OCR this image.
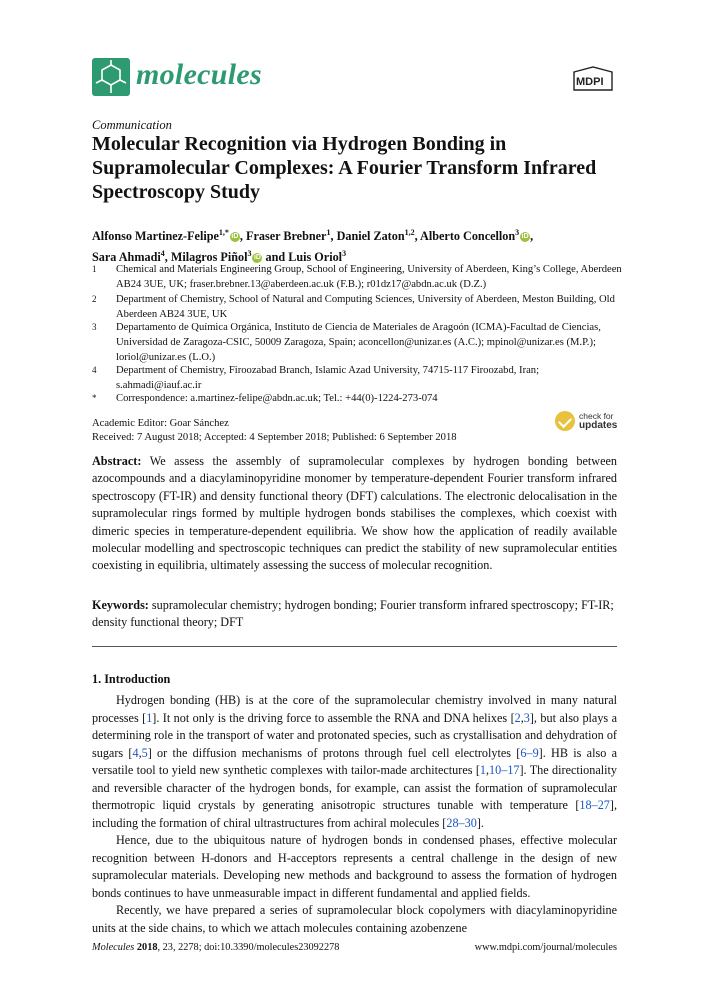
molecules	MDPI
Communication
Molecular Recognition via Hydrogen Bonding in Supramolecular Complexes: A Fourier Transform Infrared Spectroscopy Study
Alfonso Martinez-Felipe$^{1,*}$ iD , Fraser Brebner$^1$, Daniel Zaton$^{1,2}$, Alberto Concellon$^3$ iD ,
Sara Ahmadi$^4$, Milagros Piñol$^3$ iD and Luis Oriol$^3$
1 Chemical and Materials Engineering Group, School of Engineering, University of Aberdeen, King’s College, Aberdeen AB24 3UE, UK; fraser.brebner.13@aberdeen.ac.uk (F.B.); r01dz17@abdn.ac.uk (D.Z.)
2 Department of Chemistry, School of Natural and Computing Sciences, University of Aberdeen, Meston Building, Old Aberdeen AB24 3UE, UK
3 Departamento de Química Orgánica, Instituto de Ciencia de Materiales de Aragoón (ICMA)-Facultad de Ciencias, Universidad de Zaragoza-CSIC, 50009 Zaragoza, Spain; aconcellon@unizar.es (A.C.); mpinol@unizar.es (M.P.); loriol@unizar.es (L.O.)
4 Department of Chemistry, Firoozabad Branch, Islamic Azad University, 74715-117 Firoozabd, Iran; s.ahmadi@iauf.ac.ir
* Correspondence: a.martinez-felipe@abdn.ac.uk; Tel.: +44(0)-1224-273-074
Academic Editor: Goar Sánchez
Received: 7 August 2018; Accepted: 4 September 2018; Published: 6 September 2018
check for
updates
Abstract: We assess the assembly of supramolecular complexes by hydrogen bonding between azocompounds and a diacylaminopyridine monomer by temperature-dependent Fourier transform infrared spectroscopy (FT-IR) and density functional theory (DFT) calculations. The electronic delocalisation in the supramolecular rings formed by multiple hydrogen bonds stabilises the complexes, which coexist with dimeric species in temperature-dependent equilibria. We show how the application of readily available molecular modelling and spectroscopic techniques can predict the stability of new supramolecular entities coexisting in equilibria, ultimately assessing the success of molecular recognition.
Keywords: supramolecular chemistry; hydrogen bonding; Fourier transform infrared spectroscopy; FT-IR; density functional theory; DFT
1. Introduction

Hydrogen bonding (HB) is at the core of the supramolecular chemistry involved in many natural processes [1]. It not only is the driving force to assemble the RNA and DNA helixes [2,3], but also plays a determining role in the transport of water and protonated species, such as crystallisation and dehydration of sugars [4,5] or the diffusion mechanisms of protons through fuel cell electrolytes [6–9]. HB is also a versatile tool to yield new synthetic complexes with tailor-made architectures [1,10–17]. The directionality and reversible character of the hydrogen bonds, for example, can assist the formation of supramolecular thermotropic liquid crystals by generating anisotropic structures tunable with temperature [18–27], including the formation of chiral ultrastructures from achiral molecules [28–30].

Hence, due to the ubiquitous nature of hydrogen bonds in condensed phases, effective molecular recognition between H-donors and H-acceptors represents a central challenge in the design of new supramolecular materials. Developing new methods and background to assess the formation of hydrogen bonds continues to have unmeasurable impact in different fundamental and applied fields.

Recently, we have prepared a series of supramolecular block copolymers with diacylaminopyridine units at the side chains, to which we attach molecules containing azobenzene

Molecules 2018, 23, 2278; doi:10.3390/molecules23092278	www.mdpi.com/journal/molecules
